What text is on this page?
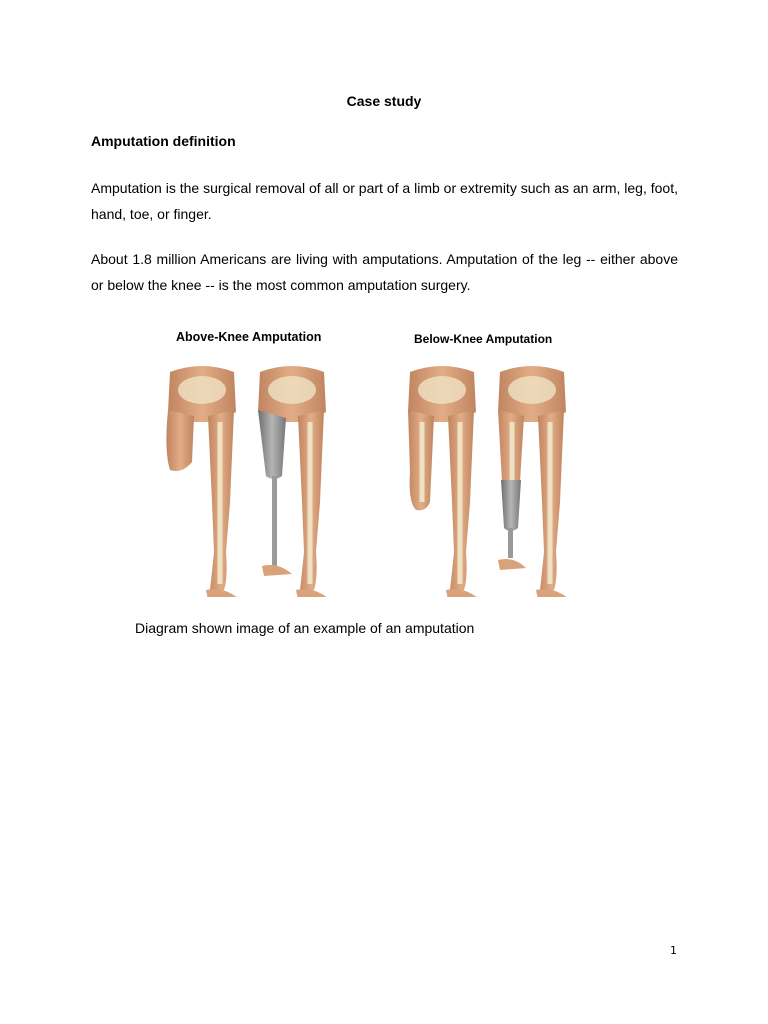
Case study
Amputation definition
Amputation is the surgical removal of all or part of a limb or extremity such as an arm, leg, foot, hand, toe, or finger.
About 1.8 million Americans are living with amputations. Amputation of the leg -- either above or below the knee -- is the most common amputation surgery.
Above-Knee Amputation	Below-Knee Amputation
Diagram shown image of an example of an amputation
1
